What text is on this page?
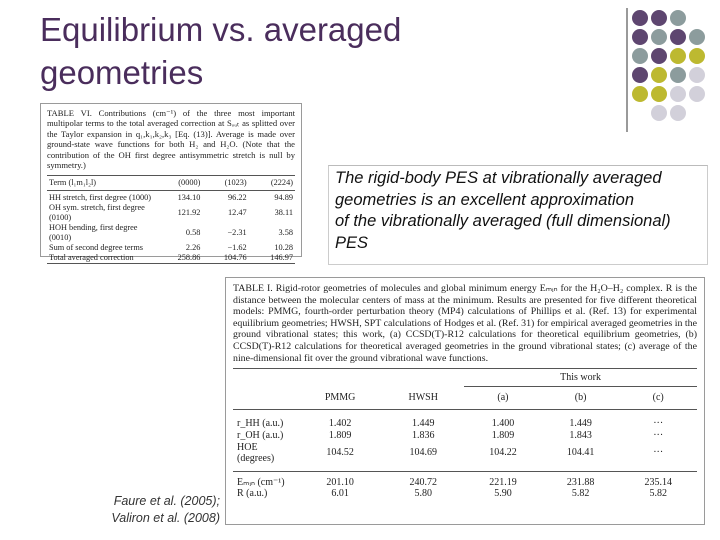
Equilibrium vs. averaged
geometries

TABLE VI. Contributions (cm⁻¹) of the three most important multipolar terms to the total averaged correction at Sₒᵤₜ as splitted over the Taylor expansion in q₁,k₁,k₂,k₃ [Eq. (13)]. Average is made over ground-state wave functions for both H₂ and H₂O. (Note that the contribution of the OH first degree antisymmetric stretch is null by symmetry.)

Term (l₁m₁l₂l)	(0000)	(1023)	(2224)
HH stretch, first degree (1000)	134.10	96.22	94.89
OH sym. stretch, first degree (0100)	121.92	12.47	38.11
HOH bending, first degree (0010)	0.58	−2.31	3.58
Sum of second degree terms	2.26	−1.62	10.28
Total averaged correction	258.86	104.76	146.97

The rigid-body PES at vibrationally averaged
geometries is an excellent approximation
of the vibrationally averaged (full dimensional)
PES

TABLE I. Rigid-rotor geometries of molecules and global minimum energy Eₘᵢₙ for the H₂O–H₂ complex. R is the distance between the molecular centers of mass at the minimum. Results are presented for five different theoretical models: PMMG, fourth-order perturbation theory (MP4) calculations of Phillips et al. (Ref. 13) for experimental equilibrium geometries; HWSH, SPT calculations of Hodges et al. (Ref. 31) for empirical averaged geometries in the ground vibrational states; this work, (a) CCSD(T)-R12 calculations for theoretical equilibrium geometries, (b) CCSD(T)-R12 calculations for theoretical averaged geometries in the ground vibrational states; (c) average of the nine-dimensional fit over the ground vibrational wave functions.

			This work		
	PMMG	HWSH	(a)	(b)	(c)
r_HH (a.u.)	1.402	1.449	1.400	1.449	···
r_OH (a.u.)	1.809	1.836	1.809	1.843	···
HOE (degrees)	104.52	104.69	104.22	104.41	···
Eₘᵢₙ (cm⁻¹)	201.10	240.72	221.19	231.88	235.14
R (a.u.)	6.01	5.80	5.90	5.82	5.82

Faure et al. (2005);
Valiron et al. (2008)
